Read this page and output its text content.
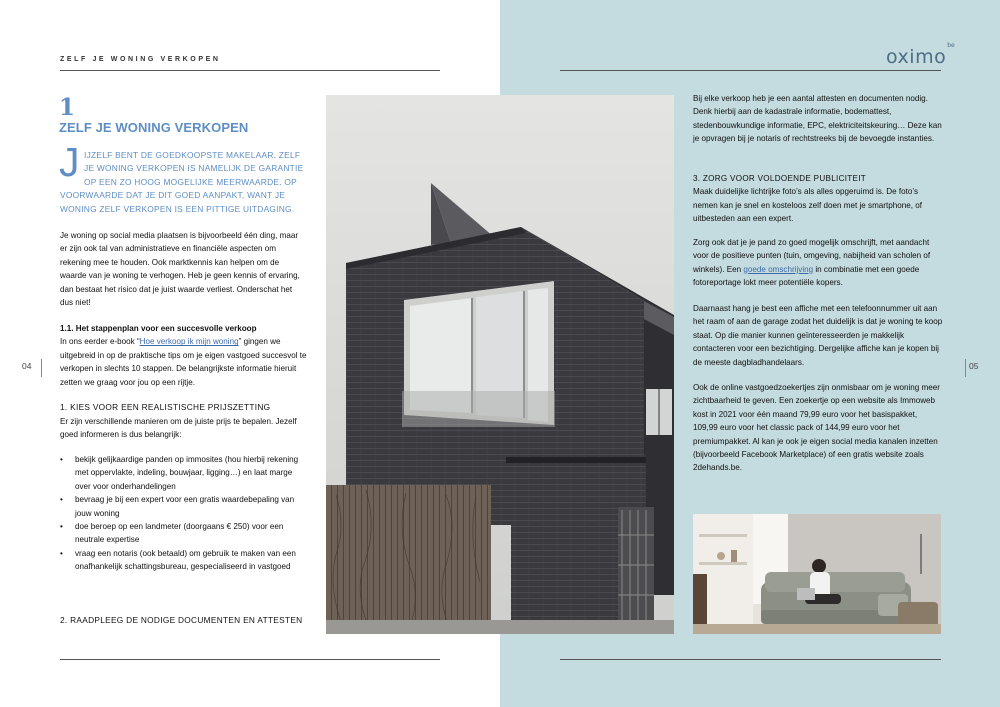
ZELF JE WONING VERKOPEN	oximo$^{be}$
1
ZELF JE WONING VERKOPEN
J IJZELF BENT DE GOEDKOOPSTE MAKELAAR. ZELF
JE WONING VERKOPEN IS NAMELIJK DE GARANTIE
OP EEN ZO HOOG MOGELIJKE MEERWAARDE. OP
VOORWAARDE DAT JE DIT GOED AANPAKT, WANT JE WONING ZELF VERKOPEN IS EEN PITTIGE UITDAGING.

Je woning op social media plaatsen is bijvoorbeeld één ding, maar er zijn ook tal van administratieve en financiële aspecten om rekening mee te houden. Ook marktkennis kan helpen om de waarde van je woning te verhogen. Heb je geen kennis of ervaring, dan bestaat het risico dat je juist waarde verliest. Onderschat het dus niet!

1.1. Het stappenplan voor een succesvolle verkoop

In ons eerder e-book “Hoe verkoop ik mijn woning” gingen we uitgebreid in op de praktische tips om je eigen vastgoed succesvol te verkopen in slechts 10 stappen. De belangrijkste informatie hieruit zetten we graag voor jou op een rijtje.

1. KIES VOOR EEN REALISTISCHE PRIJSZETTING

Er zijn verschillende manieren om de juiste prijs te bepalen. Jezelf goed informeren is dus belangrijk:

• bekijk gelijkaardige panden op immosites (hou hierbij rekening met oppervlakte, indeling, bouwjaar, ligging…) en laat marge over voor onderhandelingen
• bevraag je bij een expert voor een gratis waardebepaling van jouw woning
• doe beroep op een landmeter (doorgaans € 250) voor een neutrale expertise
• vraag een notaris (ook betaald) om gebruik te maken van een onafhankelijk schattingsbureau, gespecialiseerd in vastgoed
2. RAADPLEEG DE NODIGE DOCUMENTEN EN ATTESTEN
04	05

Bij elke verkoop heb je een aantal attesten en documenten nodig. Denk hierbij aan de kadastrale informatie, bodemattest, stedenbouwkundige informatie, EPC, elektriciteitskeuring… Deze kan je opvragen bij je notaris of rechtstreeks bij de bevoegde instanties.

3. ZORG VOOR VOLDOENDE PUBLICITEIT

Maak duidelijke lichtrijke foto’s als alles opgeruimd is. De foto’s nemen kan je snel en kosteloos zelf doen met je smartphone, of uitbesteden aan een expert.

Zorg ook dat je je pand zo goed mogelijk omschrijft, met aandacht voor de positieve punten (tuin, omgeving, nabijheid van scholen of winkels). Een goede omschrijving in combinatie met een goede fotoreportage lokt meer potentiële kopers.

Daarnaast hang je best een affiche met een telefoonnummer uit aan het raam of aan de garage zodat het duidelijk is dat je woning te koop staat. Op die manier kunnen geïnteresseerden je makkelijk contacteren voor een bezichtiging. Dergelijke affiche kan je kopen bij de meeste dagbladhandelaars.

Ook de online vastgoedzoekertjes zijn onmisbaar om je woning meer zichtbaarheid te geven. Een zoekertje op een website als Immoweb kost in 2021 voor één maand 79,99 euro voor het basispakket, 109,99 euro voor het classic pack of 144,99 euro voor het premiumpakket. Al kan je ook je eigen social media kanalen inzetten (bijvoorbeeld Facebook Marketplace) of een gratis website zoals 2dehands.be.
